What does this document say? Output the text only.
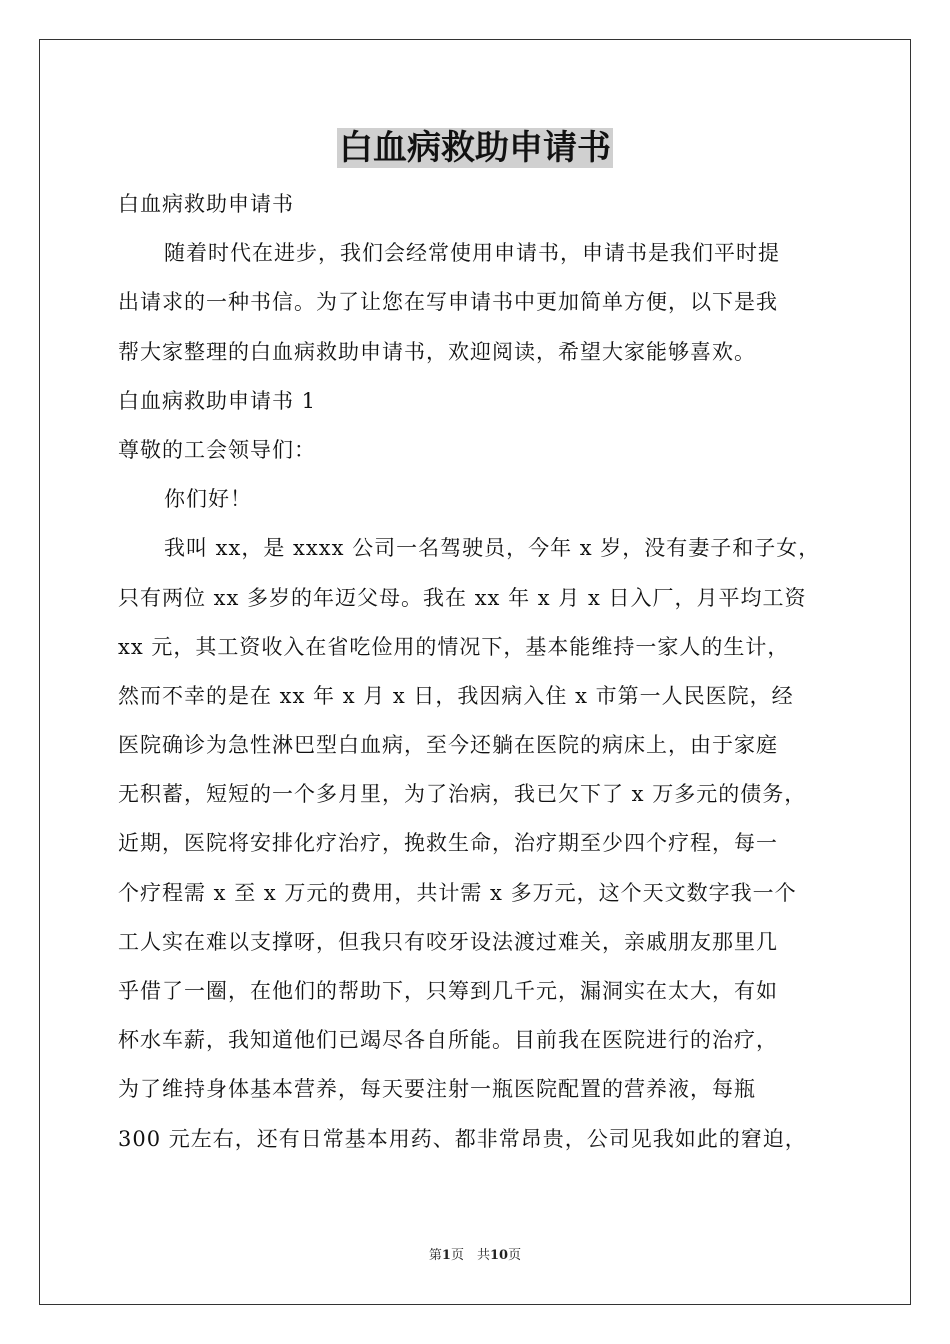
白血病救助申请书
白血病救助申请书
随着时代在进步，我们会经常使用申请书，申请书是我们平时提
出请求的一种书信。为了让您在写申请书中更加简单方便，以下是我
帮大家整理的白血病救助申请书，欢迎阅读，希望大家能够喜欢。
白血病救助申请书 1
尊敬的工会领导们：
你们好！
我叫 xx，是 xxxx 公司一名驾驶员，今年 x 岁，没有妻子和子女，
只有两位 xx 多岁的年迈父母。我在 xx 年 x 月 x 日入厂，月平均工资
xx 元，其工资收入在省吃俭用的情况下，基本能维持一家人的生计，
然而不幸的是在 xx 年 x 月 x 日，我因病入住 x 市第一人民医院，经
医院确诊为急性淋巴型白血病，至今还躺在医院的病床上，由于家庭
无积蓄，短短的一个多月里，为了治病，我已欠下了 x 万多元的债务，
近期，医院将安排化疗治疗，挽救生命，治疗期至少四个疗程，每一
个疗程需 x 至 x 万元的费用，共计需 x 多万元，这个天文数字我一个
工人实在难以支撑呀，但我只有咬牙设法渡过难关，亲戚朋友那里几
乎借了一圈，在他们的帮助下，只筹到几千元，漏洞实在太大，有如
杯水车薪，我知道他们已竭尽各自所能。目前我在医院进行的治疗，
为了维持身体基本营养，每天要注射一瓶医院配置的营养液，每瓶
300 元左右，还有日常基本用药、都非常昂贵，公司见我如此的窘迫，
第1页　共10页
